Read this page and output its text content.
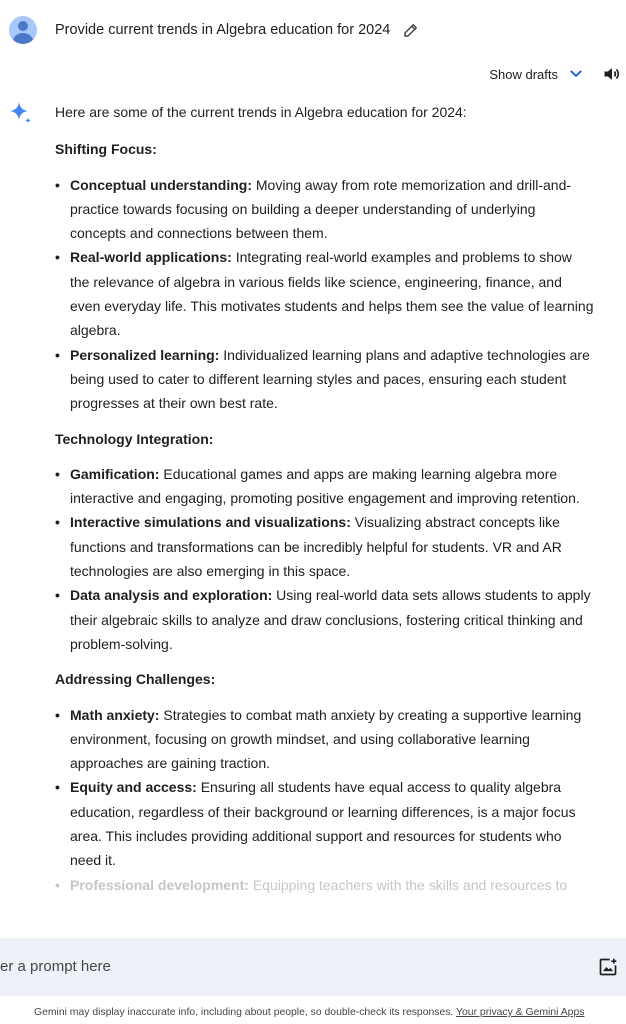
Provide current trends in Algebra education for 2024
Show drafts

Here are some of the current trends in Algebra education for 2024:

Shifting Focus:

• Conceptual understanding: Moving away from rote memorization and drill-and-practice towards focusing on building a deeper understanding of underlying concepts and connections between them.
• Real-world applications: Integrating real-world examples and problems to show the relevance of algebra in various fields like science, engineering, finance, and even everyday life. This motivates students and helps them see the value of learning algebra.
• Personalized learning: Individualized learning plans and adaptive technologies are being used to cater to different learning styles and paces, ensuring each student progresses at their own best rate.

Technology Integration:

• Gamification: Educational games and apps are making learning algebra more interactive and engaging, promoting positive engagement and improving retention.
• Interactive simulations and visualizations: Visualizing abstract concepts like functions and transformations can be incredibly helpful for students. VR and AR technologies are also emerging in this space.
• Data analysis and exploration: Using real-world data sets allows students to apply their algebraic skills to analyze and draw conclusions, fostering critical thinking and problem-solving.

Addressing Challenges:

• Math anxiety: Strategies to combat math anxiety by creating a supportive learning environment, focusing on growth mindset, and using collaborative learning approaches are gaining traction.
• Equity and access: Ensuring all students have equal access to quality algebra education, regardless of their background or learning differences, is a major focus area. This includes providing additional support and resources for students who need it.
• Professional development: Equipping teachers with the skills and resources to
er a prompt here
Gemini may display inaccurate info, including about people, so double-check its responses. Your privacy & Gemini Apps
